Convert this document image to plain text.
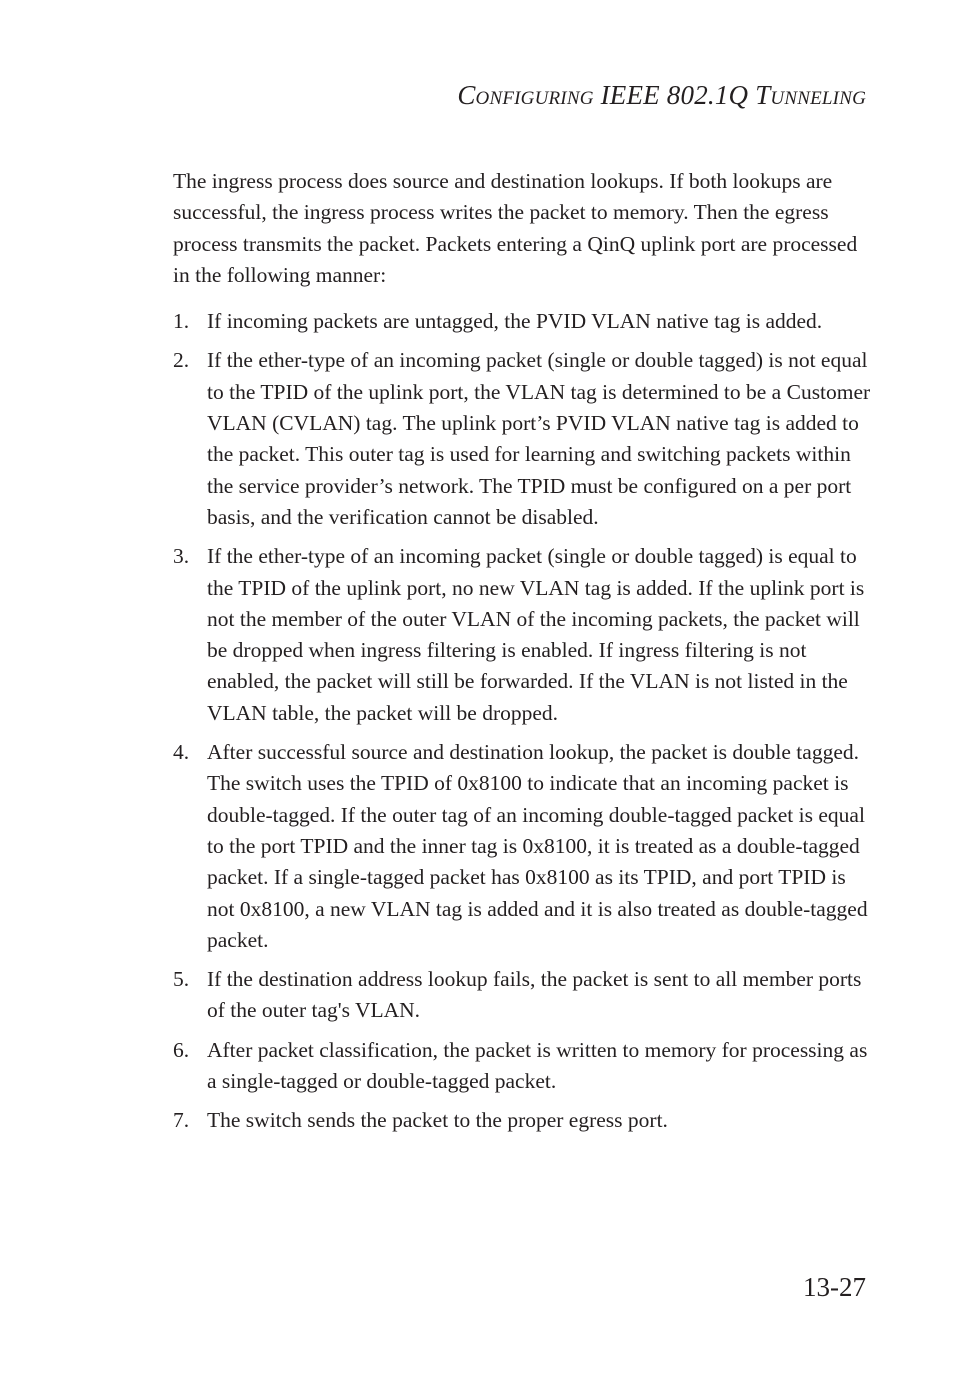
Configuring IEEE 802.1Q Tunneling

The ingress process does source and destination lookups. If both lookups are successful, the ingress process writes the packet to memory. Then the egress process transmits the packet. Packets entering a QinQ uplink port are processed in the following manner:

1. If incoming packets are untagged, the PVID VLAN native tag is added.
2. If the ether-type of an incoming packet (single or double tagged) is not equal to the TPID of the uplink port, the VLAN tag is determined to be a Customer VLAN (CVLAN) tag. The uplink port’s PVID VLAN native tag is added to the packet. This outer tag is used for learning and switching packets within the service provider’s network. The TPID must be configured on a per port basis, and the verification cannot be disabled.
3. If the ether-type of an incoming packet (single or double tagged) is equal to the TPID of the uplink port, no new VLAN tag is added. If the uplink port is not the member of the outer VLAN of the incoming packets, the packet will be dropped when ingress filtering is enabled. If ingress filtering is not enabled, the packet will still be forwarded. If the VLAN is not listed in the VLAN table, the packet will be dropped.
4. After successful source and destination lookup, the packet is double tagged. The switch uses the TPID of 0x8100 to indicate that an incoming packet is double-tagged. If the outer tag of an incoming double-tagged packet is equal to the port TPID and the inner tag is 0x8100, it is treated as a double-tagged packet. If a single-tagged packet has 0x8100 as its TPID, and port TPID is not 0x8100, a new VLAN tag is added and it is also treated as double-tagged packet.
5. If the destination address lookup fails, the packet is sent to all member ports of the outer tag's VLAN.
6. After packet classification, the packet is written to memory for processing as a single-tagged or double-tagged packet.
7. The switch sends the packet to the proper egress port.
13-27
